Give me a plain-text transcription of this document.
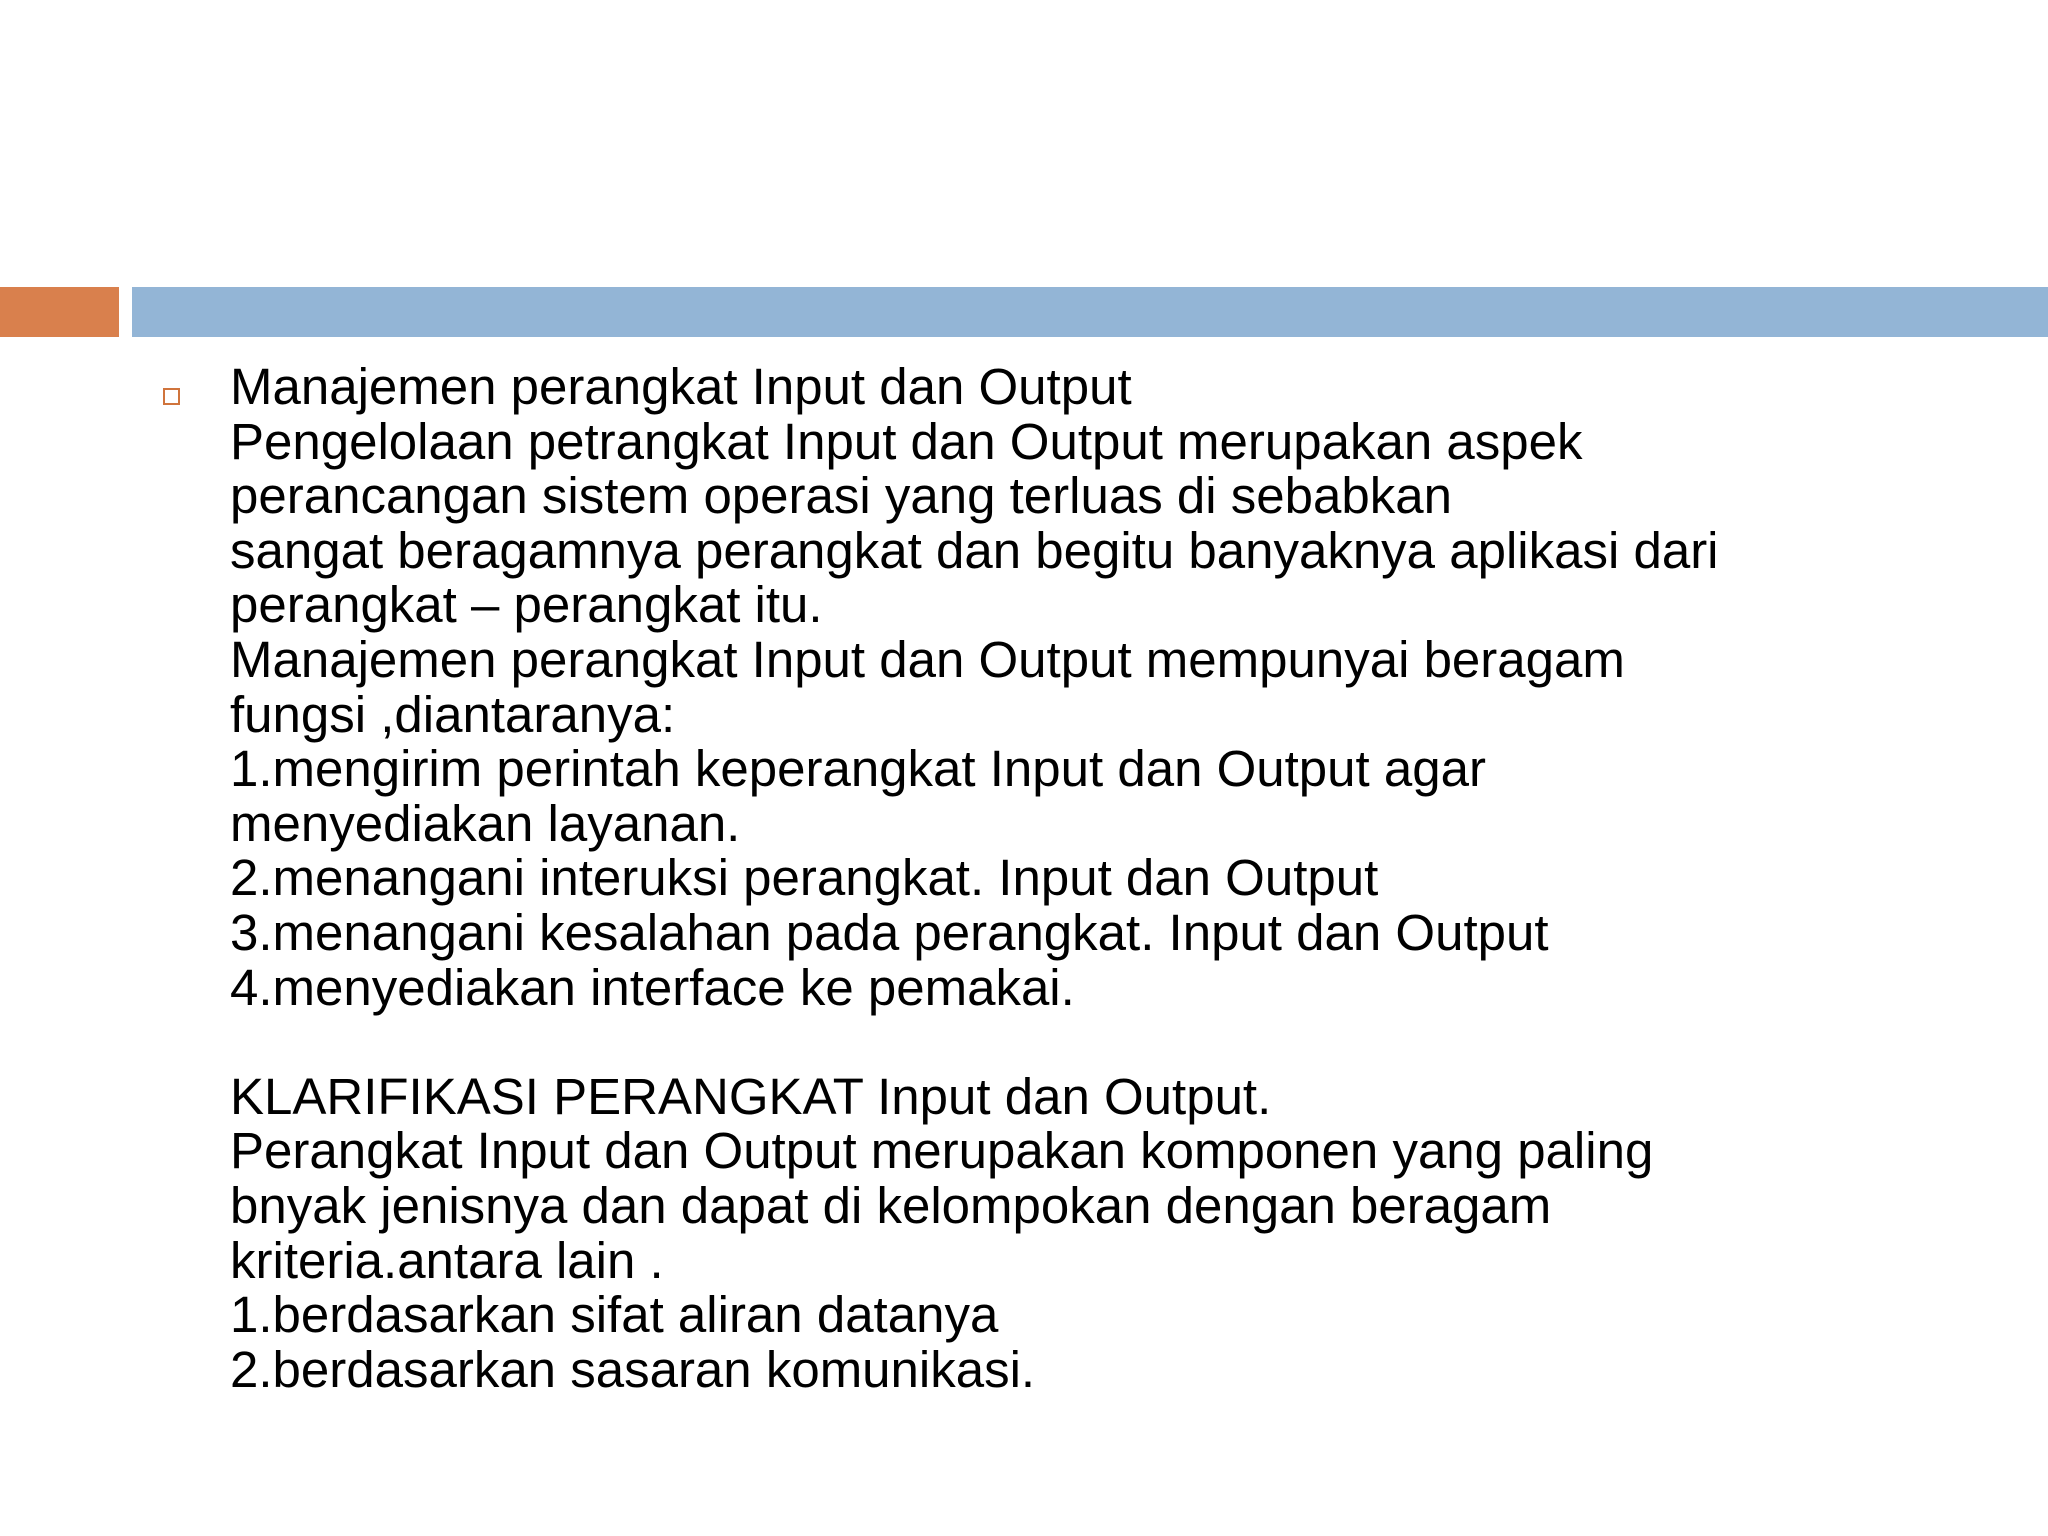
Manajemen perangkat Input dan Output
Pengelolaan petrangkat Input dan Output merupakan aspek
perancangan sistem operasi yang terluas di sebabkan
sangat beragamnya perangkat dan begitu banyaknya aplikasi dari
perangkat – perangkat itu.
Manajemen perangkat Input dan Output mempunyai beragam
fungsi ,diantaranya:
1.mengirim perintah keperangkat Input dan Output agar
menyediakan layanan.
2.menangani interuksi perangkat. Input dan Output
3.menangani kesalahan pada perangkat. Input dan Output
4.menyediakan interface ke pemakai.
KLARIFIKASI PERANGKAT Input dan Output.
Perangkat Input dan Output merupakan komponen yang paling
bnyak jenisnya dan dapat di kelompokan dengan beragam
kriteria.antara lain .
1.berdasarkan sifat aliran datanya
2.berdasarkan sasaran komunikasi.
